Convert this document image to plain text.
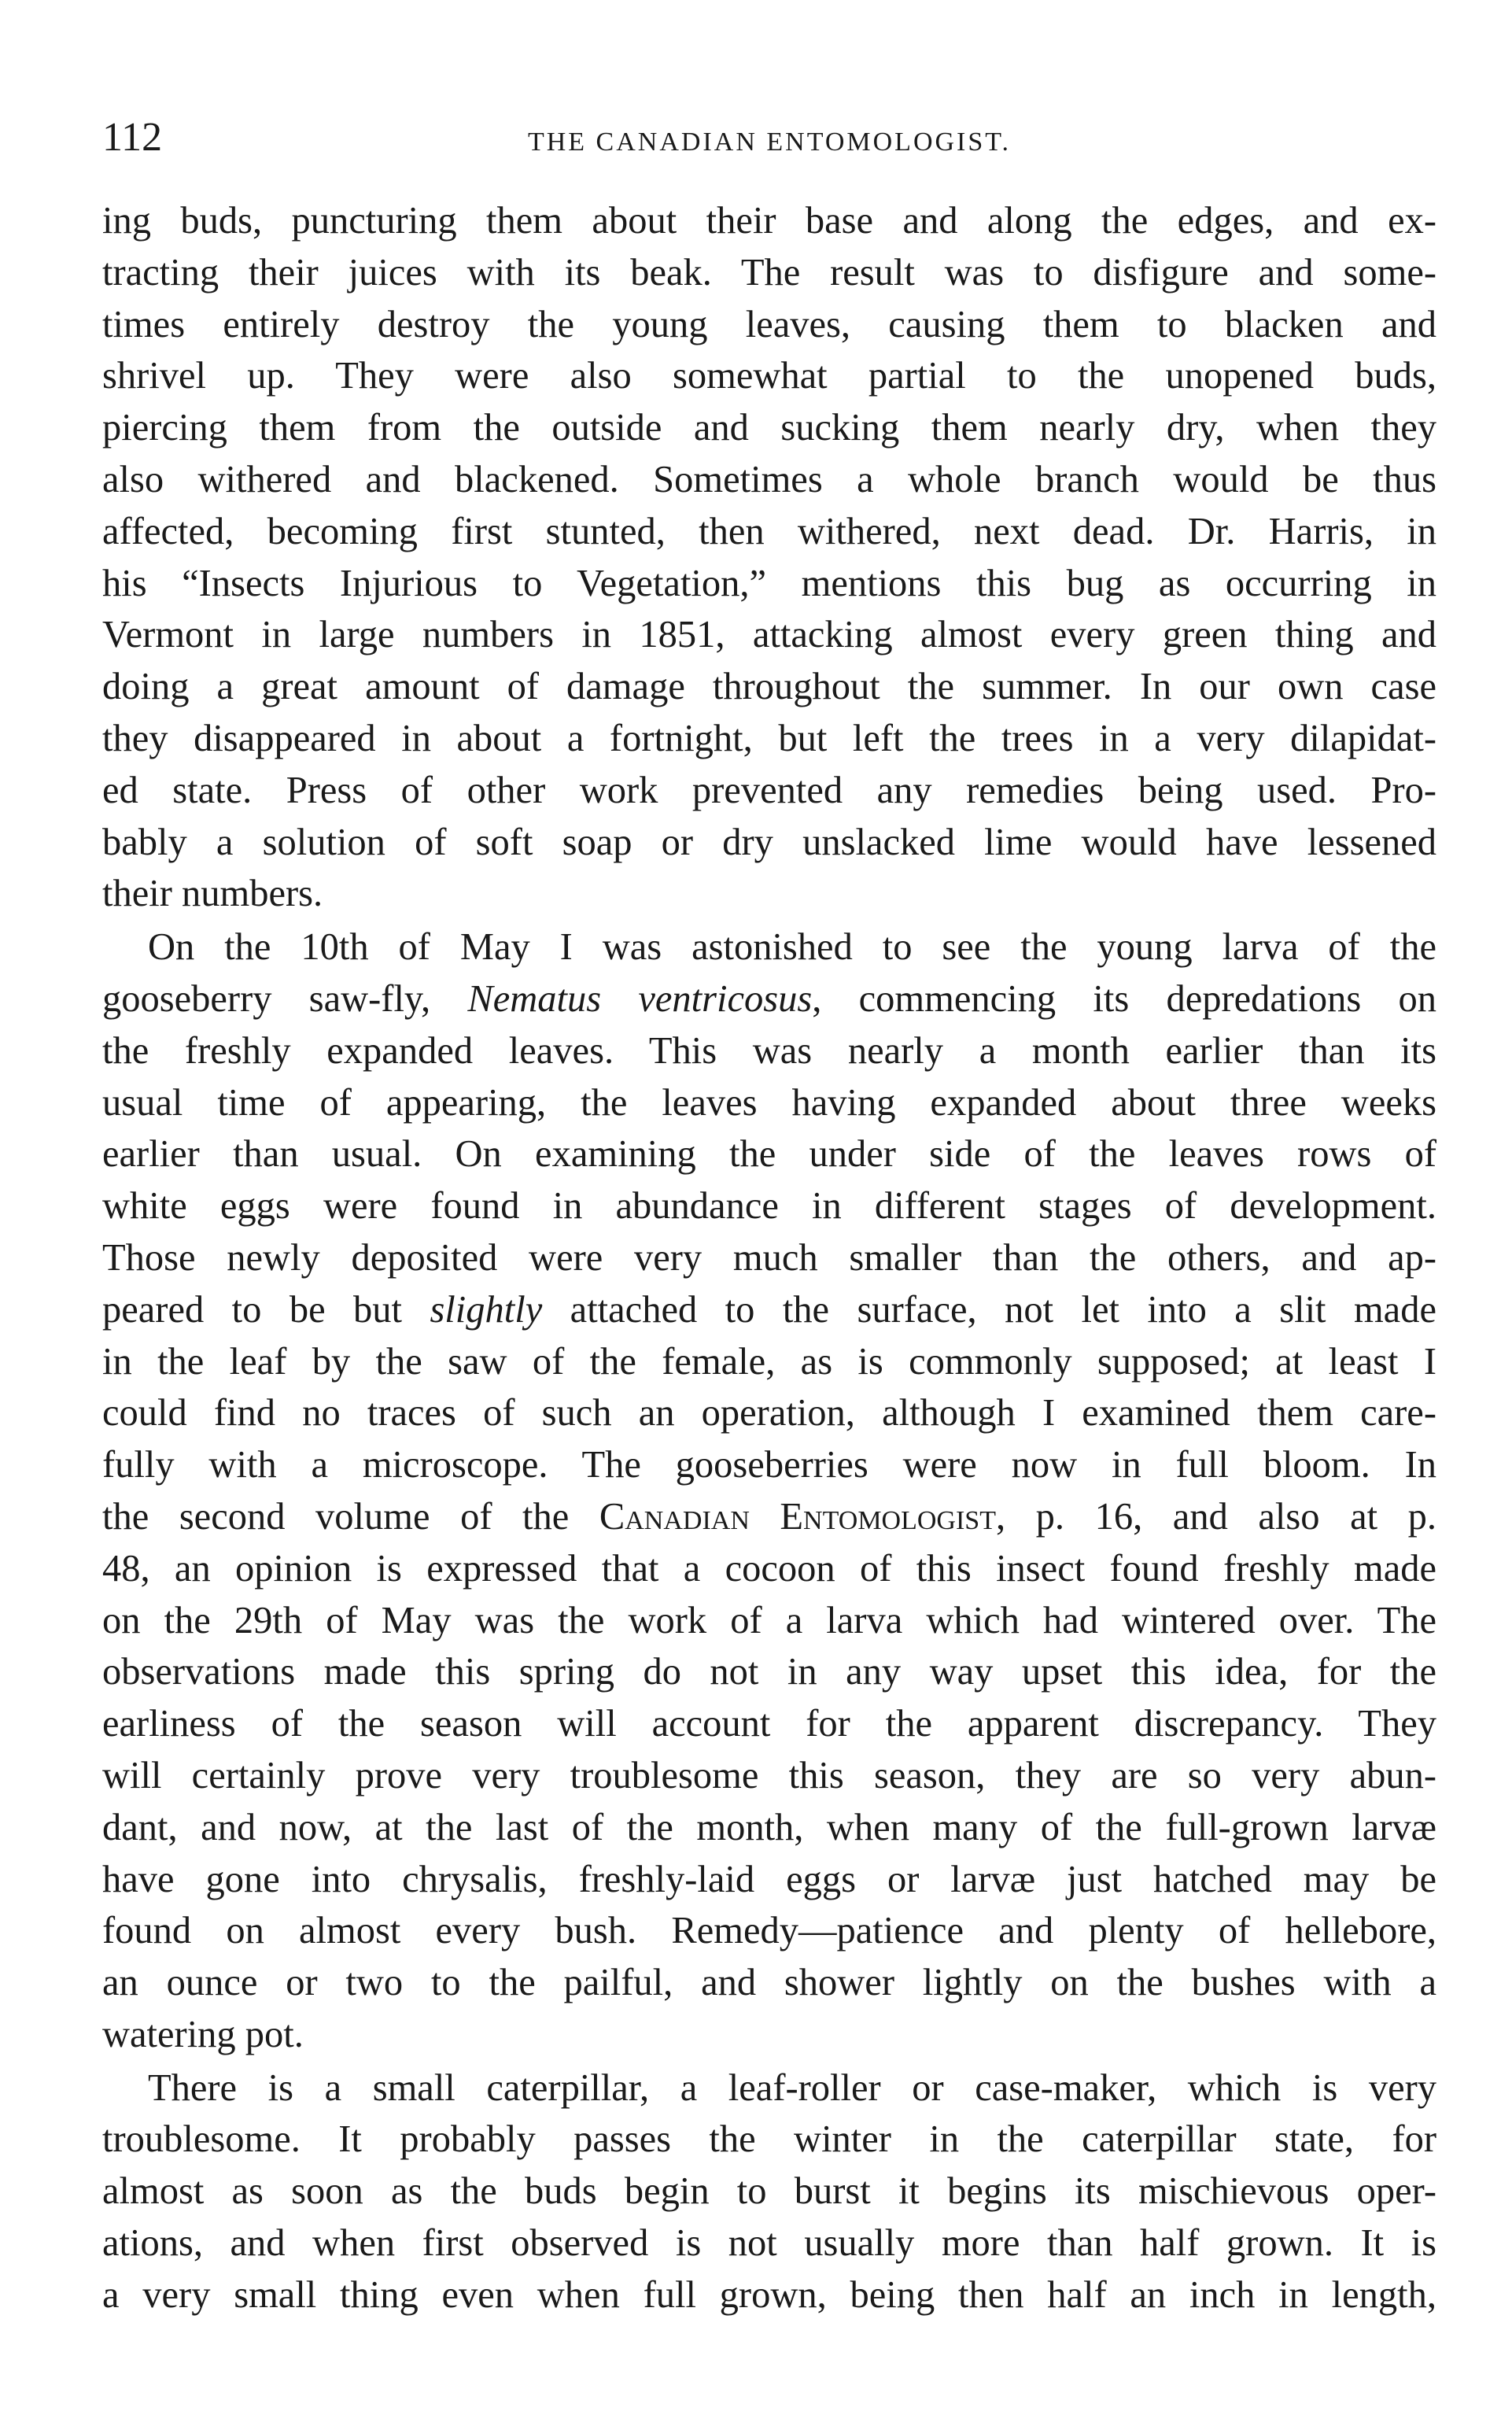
112	THE CANADIAN ENTOMOLOGIST.
ing buds, puncturing them about their base and along the edges, and ex-
tracting their juices with its beak. The result was to disfigure and some-
times entirely destroy the young leaves, causing them to blacken and
shrivel up. They were also somewhat partial to the unopened buds,
piercing them from the outside and sucking them nearly dry, when they
also withered and blackened. Sometimes a whole branch would be thus
affected, becoming first stunted, then withered, next dead. Dr. Harris, in
his “Insects Injurious to Vegetation,” mentions this bug as occurring in
Vermont in large numbers in 1851, attacking almost every green thing and
doing a great amount of damage throughout the summer. In our own case
they disappeared in about a fortnight, but left the trees in a very dilapidat-
ed state. Press of other work prevented any remedies being used. Pro-
bably a solution of soft soap or dry unslacked lime would have lessened
their numbers.
On the 10th of May I was astonished to see the young larva of the
gooseberry saw-fly, Nematus ventricosus, commencing its depredations on
the freshly expanded leaves. This was nearly a month earlier than its
usual time of appearing, the leaves having expanded about three weeks
earlier than usual. On examining the under side of the leaves rows of
white eggs were found in abundance in different stages of development.
Those newly deposited were very much smaller than the others, and ap-
peared to be but slightly attached to the surface, not let into a slit made
in the leaf by the saw of the female, as is commonly supposed; at least I
could find no traces of such an operation, although I examined them care-
fully with a microscope. The gooseberries were now in full bloom. In
the second volume of the Canadian Entomologist, p. 16, and also at p.
48, an opinion is expressed that a cocoon of this insect found freshly made
on the 29th of May was the work of a larva which had wintered over. The
observations made this spring do not in any way upset this idea, for the
earliness of the season will account for the apparent discrepancy. They
will certainly prove very troublesome this season, they are so very abun-
dant, and now, at the last of the month, when many of the full-grown larvæ
have gone into chrysalis, freshly-laid eggs or larvæ just hatched may be
found on almost every bush. Remedy—patience and plenty of hellebore,
an ounce or two to the pailful, and shower lightly on the bushes with a
watering pot.
There is a small caterpillar, a leaf-roller or case-maker, which is very
troublesome. It probably passes the winter in the caterpillar state, for
almost as soon as the buds begin to burst it begins its mischievous oper-
ations, and when first observed is not usually more than half grown. It is
a very small thing even when full grown, being then half an inch in length,
